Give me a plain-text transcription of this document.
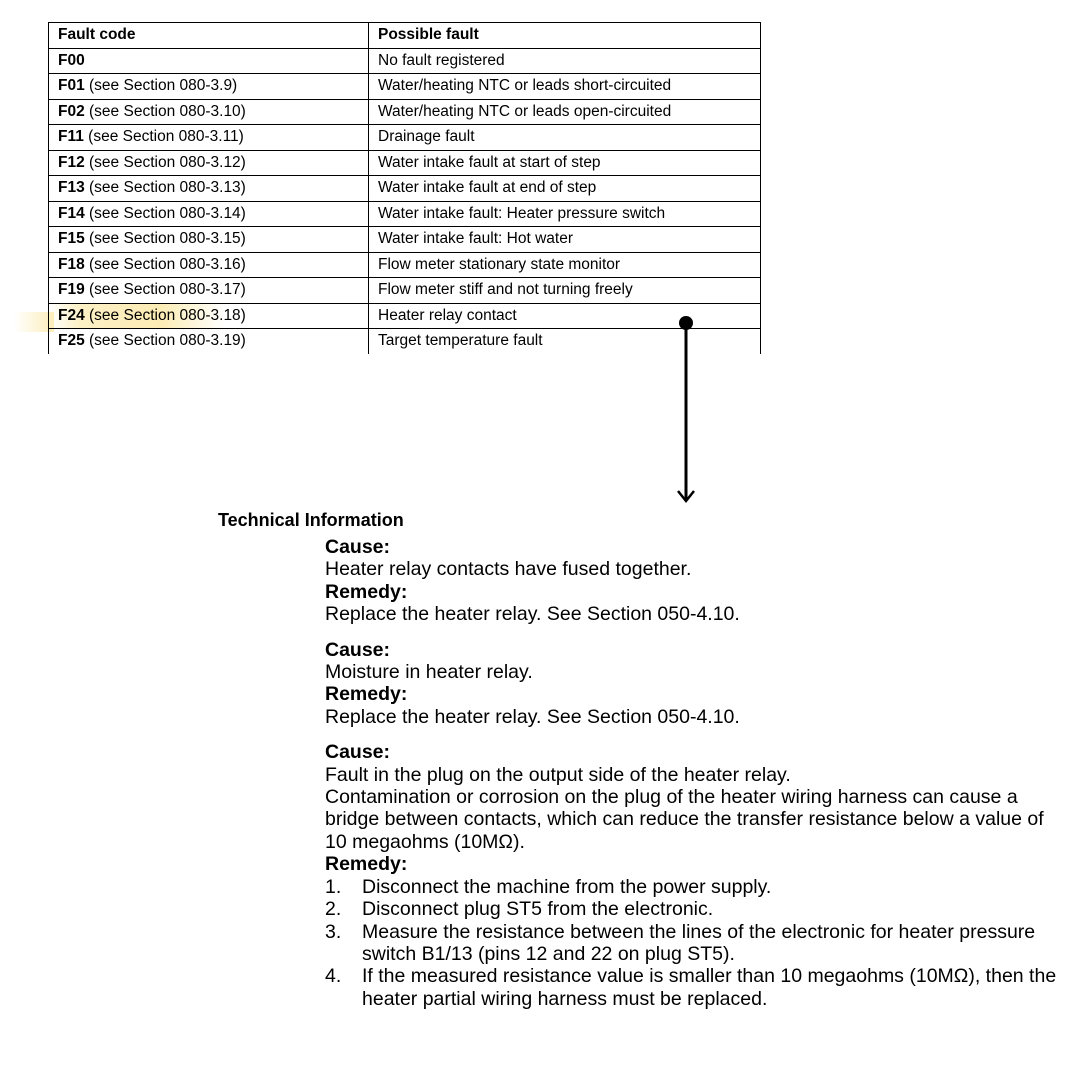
Fault code	Possible fault
F00	No fault registered
F01 (see Section 080-3.9)	Water/heating NTC or leads short-circuited
F02 (see Section 080-3.10)	Water/heating NTC or leads open-circuited
F11 (see Section 080-3.11)	Drainage fault
F12 (see Section 080-3.12)	Water intake fault at start of step
F13 (see Section 080-3.13)	Water intake fault at end of step
F14 (see Section 080-3.14)	Water intake fault: Heater pressure switch
F15 (see Section 080-3.15)	Water intake fault: Hot water
F18 (see Section 080-3.16)	Flow meter stationary state monitor
F19 (see Section 080-3.17)	Flow meter stiff and not turning freely
F24 (see Section 080-3.18)	Heater relay contact
F25 (see Section 080-3.19)	Target temperature fault
Technical Information
Cause:
Heater relay contacts have fused together.
Remedy:
Replace the heater relay. See Section 050-4.10.
Cause:
Moisture in heater relay.
Remedy:
Replace the heater relay. See Section 050-4.10.
Cause:
Fault in the plug on the output side of the heater relay.
Contamination or corrosion on the plug of the heater wiring harness can cause a bridge between contacts, which can reduce the transfer resistance below a value of 10 megaohms (10MΩ).
Remedy:
1. Disconnect the machine from the power supply.
2. Disconnect plug ST5 from the electronic.
3. Measure the resistance between the lines of the electronic for heater pressure switch B1/13 (pins 12 and 22 on plug ST5).
4. If the measured resistance value is smaller than 10 megaohms (10MΩ), then the heater partial wiring harness must be replaced.
